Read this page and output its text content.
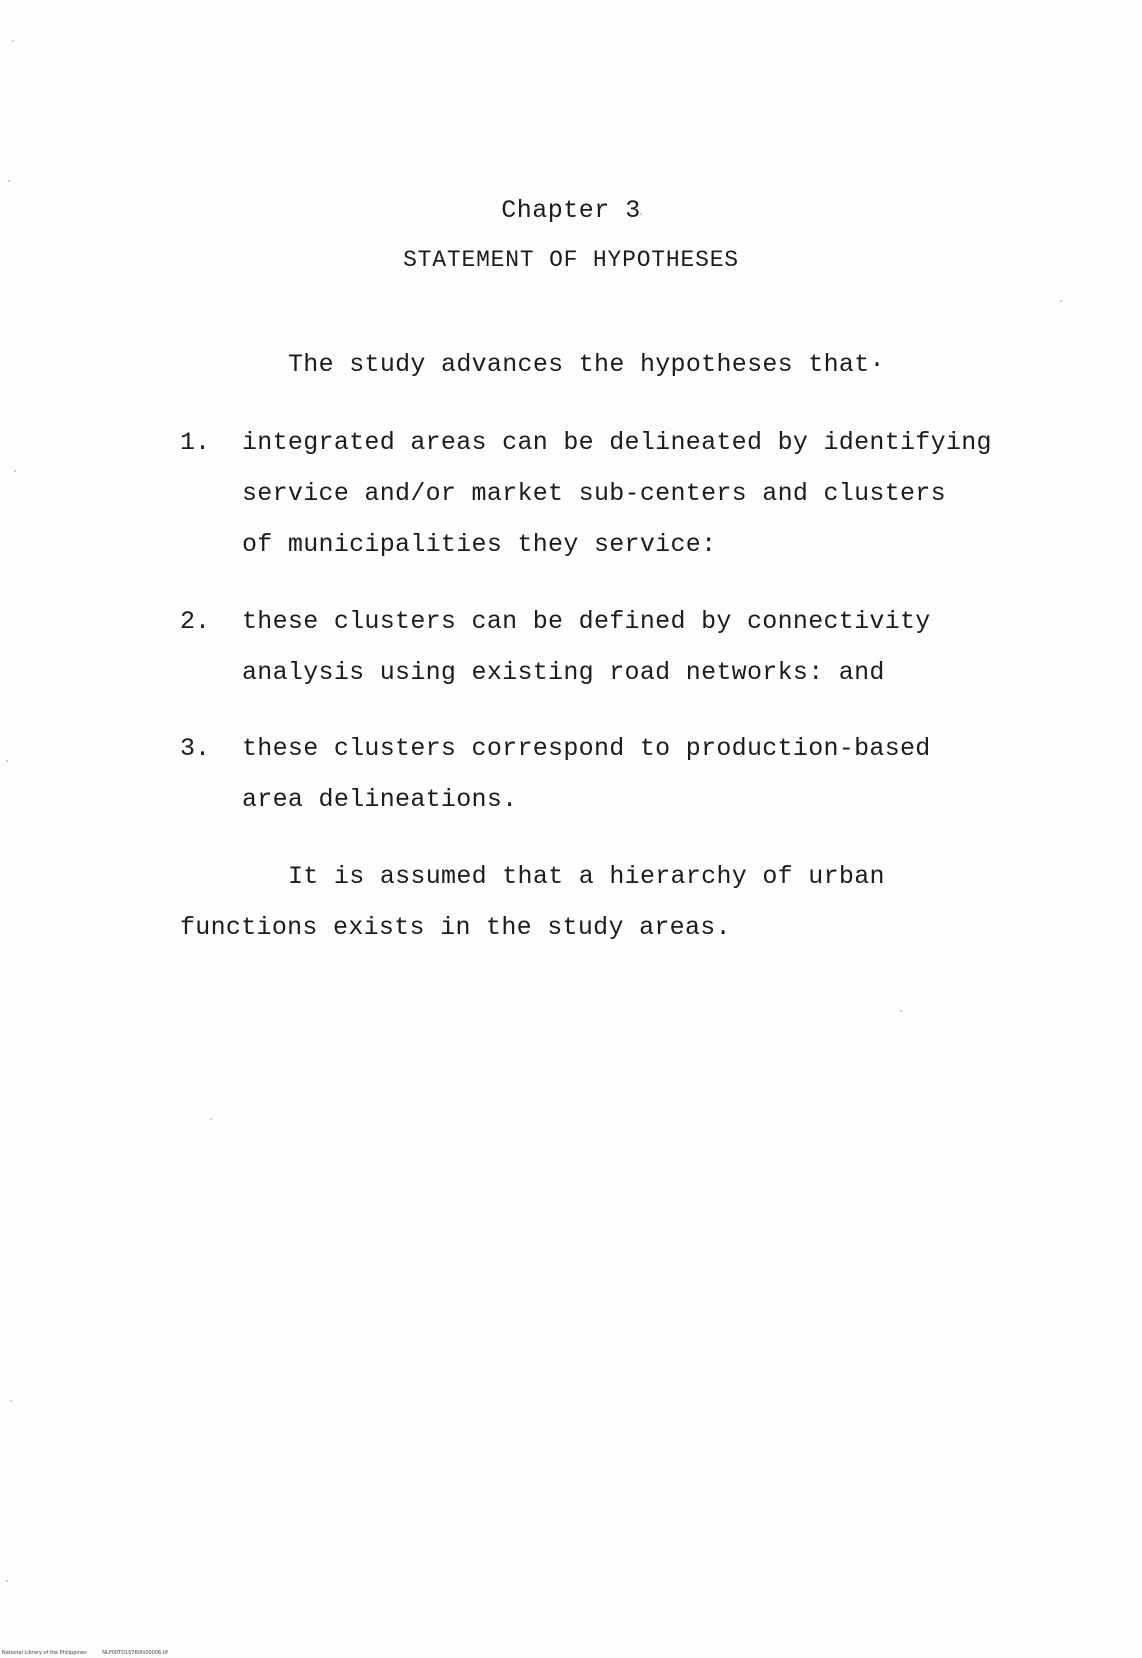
Chapter 3
STATEMENT OF HYPOTHESES

The study advances the hypotheses that·

1. integrated areas can be delineated by identifying

service and/or market sub-centers and clusters

of municipalities they service:

2. these clusters can be defined by connectivity

analysis using existing road networks: and

3. these clusters correspond to production-based

area delineations.

It is assumed that a hierarchy of urban

functions exists in the study areas.

National Library of the Philippines	NLP00TD10760fs00006.tif
